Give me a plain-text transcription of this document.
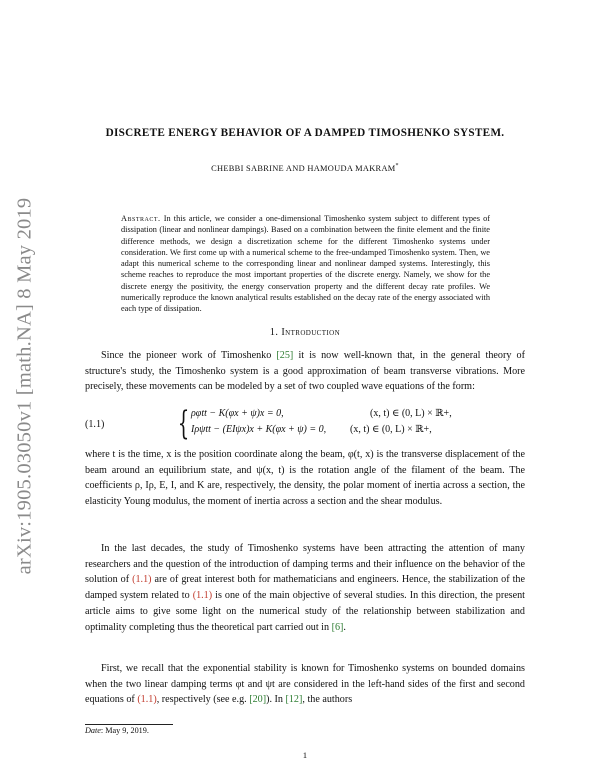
arXiv:1905.03050v1 [math.NA] 8 May 2019
DISCRETE ENERGY BEHAVIOR OF A DAMPED TIMOSHENKO SYSTEM.
CHEBBI SABRINE AND HAMOUDA MAKRAM*
Abstract. In this article, we consider a one-dimensional Timoshenko system subject to different types of dissipation (linear and nonlinear dampings). Based on a combination between the finite element and the finite difference methods, we design a discretization scheme for the different Timoshenko systems under consideration. We first come up with a numerical scheme to the free-undamped Timoshenko system. Then, we adapt this numerical scheme to the corresponding linear and nonlinear damped systems. Interestingly, this scheme reaches to reproduce the most important properties of the discrete energy. Namely, we show for the discrete energy the positivity, the energy conservation property and the different decay rate profiles. We numerically reproduce the known analytical results established on the decay rate of the energy associated with each type of dissipation.
1. Introduction
Since the pioneer work of Timoshenko [25] it is now well-known that, in the general theory of structure's study, the Timoshenko system is a good approximation of beam transverse vibrations. More precisely, these movements can be modeled by a set of two coupled wave equations of the form:
(1.1) { ρφtt − K(φx + ψ)x = 0,	(x, t) ∈ (0, L) × ℝ+,
Iρψtt − (EIψx)x + K(φx + ψ) = 0, (x, t) ∈ (0, L) × ℝ+,
where t is the time, x is the position coordinate along the beam, φ(t, x) is the transverse displacement of the beam around an equilibrium state, and ψ(x, t) is the rotation angle of the filament of the beam. The coefficients ρ, Iρ, E, I, and K are, respectively, the density, the polar moment of inertia across a section, the elasticity Young modulus, the moment of inertia across a section and the shear modulus.
In the last decades, the study of Timoshenko systems have been attracting the attention of many researchers and the question of the introduction of damping terms and their influence on the behavior of the solution of (1.1) are of great interest both for mathematicians and engineers. Hence, the stabilization of the damped system related to (1.1) is one of the main objective of several studies. In this direction, the present article aims to give some light on the numerical study of the relationship between stabilization and optimality completing thus the theoretical part carried out in [6].
First, we recall that the exponential stability is known for Timoshenko systems on bounded domains when the two linear damping terms φt and ψt are considered in the left-hand sides of the first and second equations of (1.1), respectively (see e.g. [20]). In [12], the authors
Date: May 9, 2019.
1
